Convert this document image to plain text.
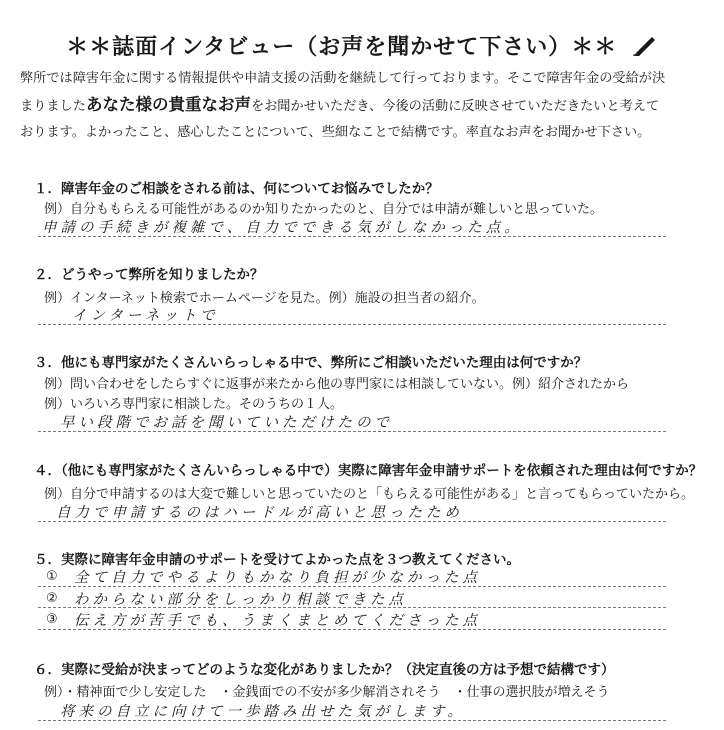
＊＊誌面インタビュー（お声を聞かせて下さい）＊＊
弊所では障害年金に関する情報提供や申請支援の活動を継続して行っております。そこで障害年金の受給が決
まりましたあなた様の貴重なお声をお聞かせいただき、今後の活動に反映させていただきたいと考えて
おります。よかったこと、感心したことについて、些細なことで結構です。率直なお声をお聞かせ下さい。
１．障害年金のご相談をされる前は、何についてお悩みでしたか？
例）自分ももらえる可能性があるのか知りたかったのと、自分では申請が難しいと思っていた。
申請の手続きが複雑で、自力でできる気がしなかった点。
２．どうやって弊所を知りましたか？
例）インターネット検索でホームページを見た。例）施設の担当者の紹介。
インターネットで
３．他にも専門家がたくさんいらっしゃる中で、弊所にご相談いただいた理由は何ですか？
例）問い合わせをしたらすぐに返事が来たから他の専門家には相談していない。例）紹介されたから
例）いろいろ専門家に相談した。そのうちの１人。
早い段階でお話を聞いていただけたので
４．（他にも専門家がたくさんいらっしゃる中で）実際に障害年金申請サポートを依頼された理由は何ですか？
例）自分で申請するのは大変で難しいと思っていたのと「もらえる可能性がある」と言ってもらっていたから。
自力で申請するのはハードルが高いと思ったため
５．実際に障害年金申請のサポートを受けてよかった点を３つ教えてください。
① 全て自力でやるよりもかなり負担が少なかった点
② わからない部分をしっかり相談できた点
③ 伝え方が苦手でも、うまくまとめてくださった点
６．実際に受給が決まってどのような変化がありましたか？（決定直後の方は予想で結構です）
例）・精神面で少し安定した　・金銭面での不安が多少解消されそう　・仕事の選択肢が増えそう
将来の自立に向けて一歩踏み出せた気がします。
